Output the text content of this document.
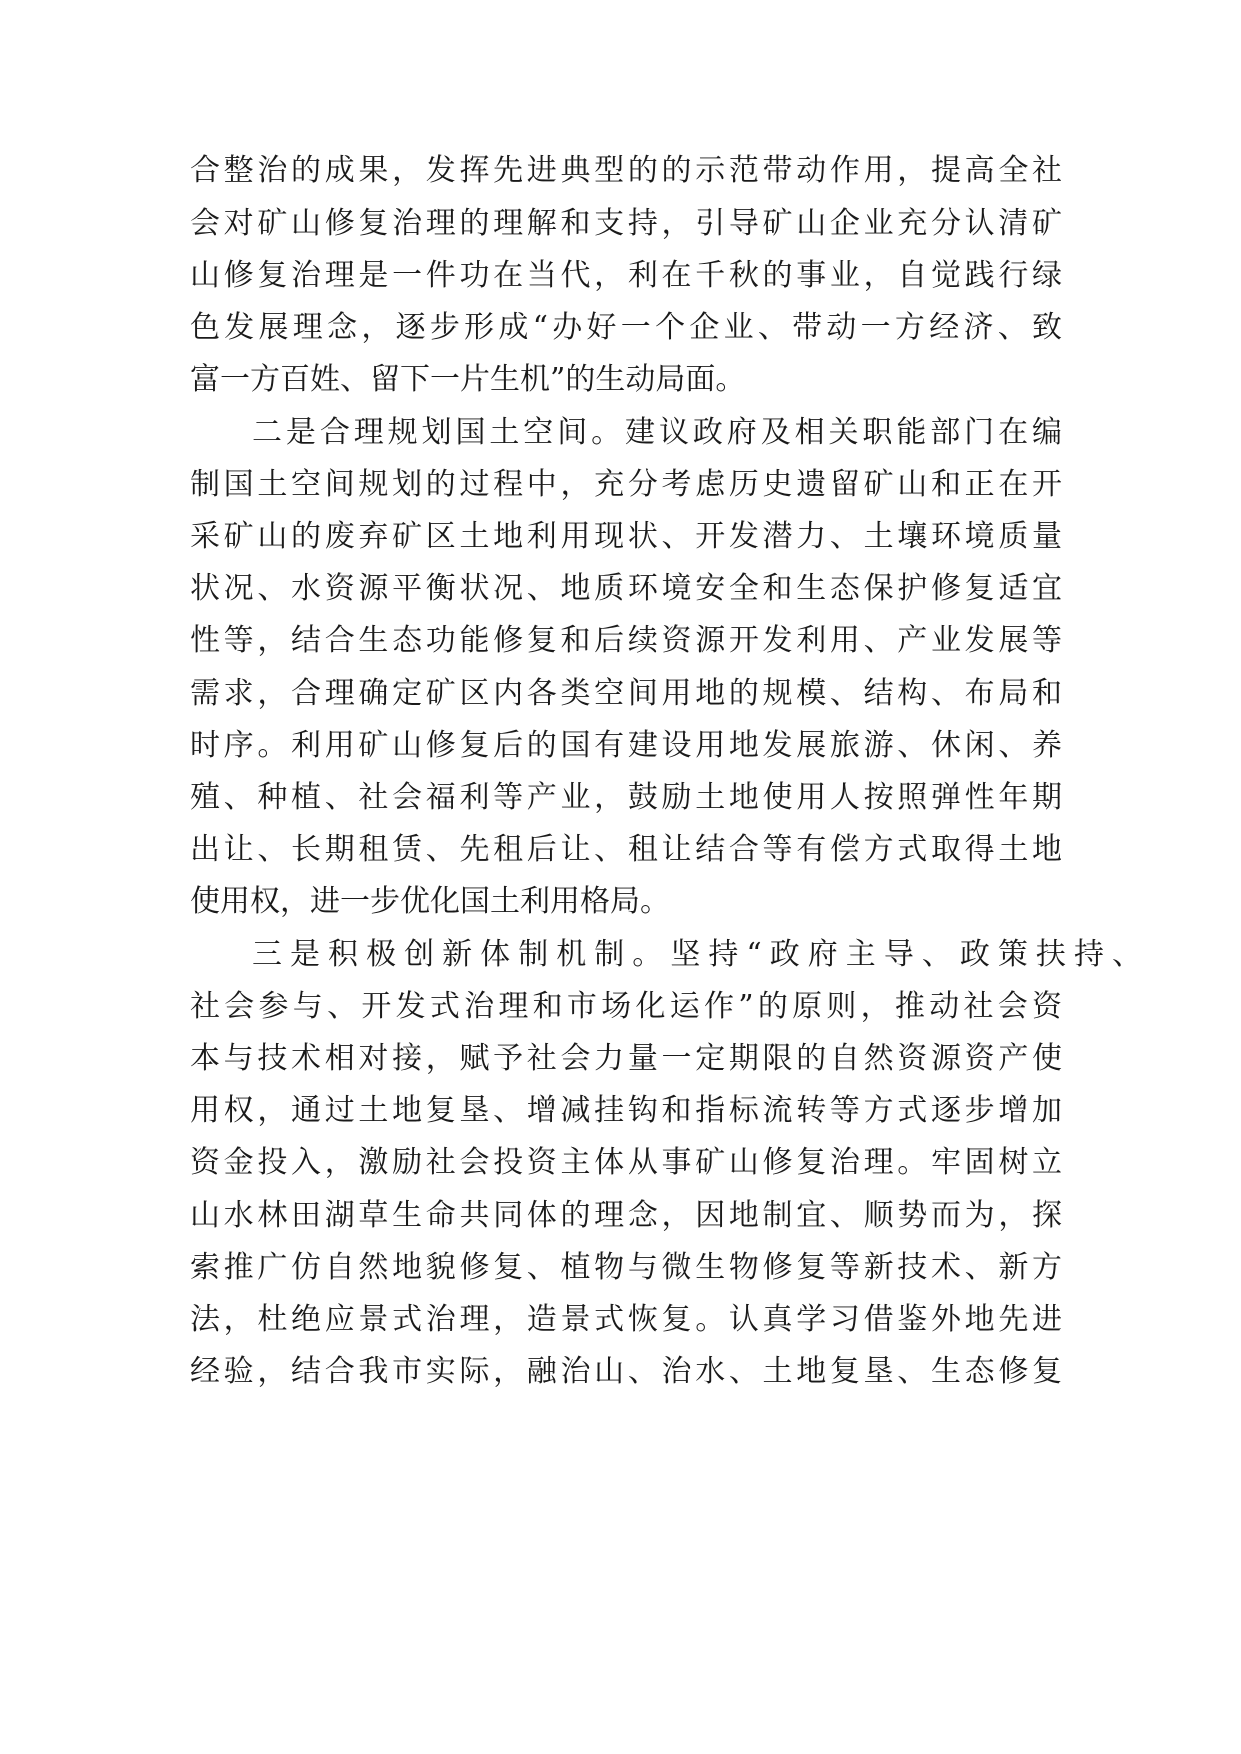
合整治的成果，发挥先进典型的的示范带动作用，提高全社
会对矿山修复治理的理解和支持，引导矿山企业充分认清矿
山修复治理是一件功在当代，利在千秋的事业，自觉践行绿
色发展理念，逐步形成“办好一个企业、带动一方经济、致
富一方百姓、留下一片生机”的生动局面。
二是合理规划国土空间。建议政府及相关职能部门在编
制国土空间规划的过程中，充分考虑历史遗留矿山和正在开
采矿山的废弃矿区土地利用现状、开发潜力、土壤环境质量
状况、水资源平衡状况、地质环境安全和生态保护修复适宜
性等，结合生态功能修复和后续资源开发利用、产业发展等
需求，合理确定矿区内各类空间用地的规模、结构、布局和
时序。利用矿山修复后的国有建设用地发展旅游、休闲、养
殖、种植、社会福利等产业，鼓励土地使用人按照弹性年期
出让、长期租赁、先租后让、租让结合等有偿方式取得土地
使用权，进一步优化国土利用格局。
三是积极创新体制机制。坚持“政府主导、政策扶持、
社会参与、开发式治理和市场化运作”的原则，推动社会资
本与技术相对接，赋予社会力量一定期限的自然资源资产使
用权，通过土地复垦、增减挂钩和指标流转等方式逐步增加
资金投入，激励社会投资主体从事矿山修复治理。牢固树立
山水林田湖草生命共同体的理念，因地制宜、顺势而为，探
索推广仿自然地貌修复、植物与微生物修复等新技术、新方
法，杜绝应景式治理，造景式恢复。认真学习借鉴外地先进
经验，结合我市实际，融治山、治水、土地复垦、生态修复
